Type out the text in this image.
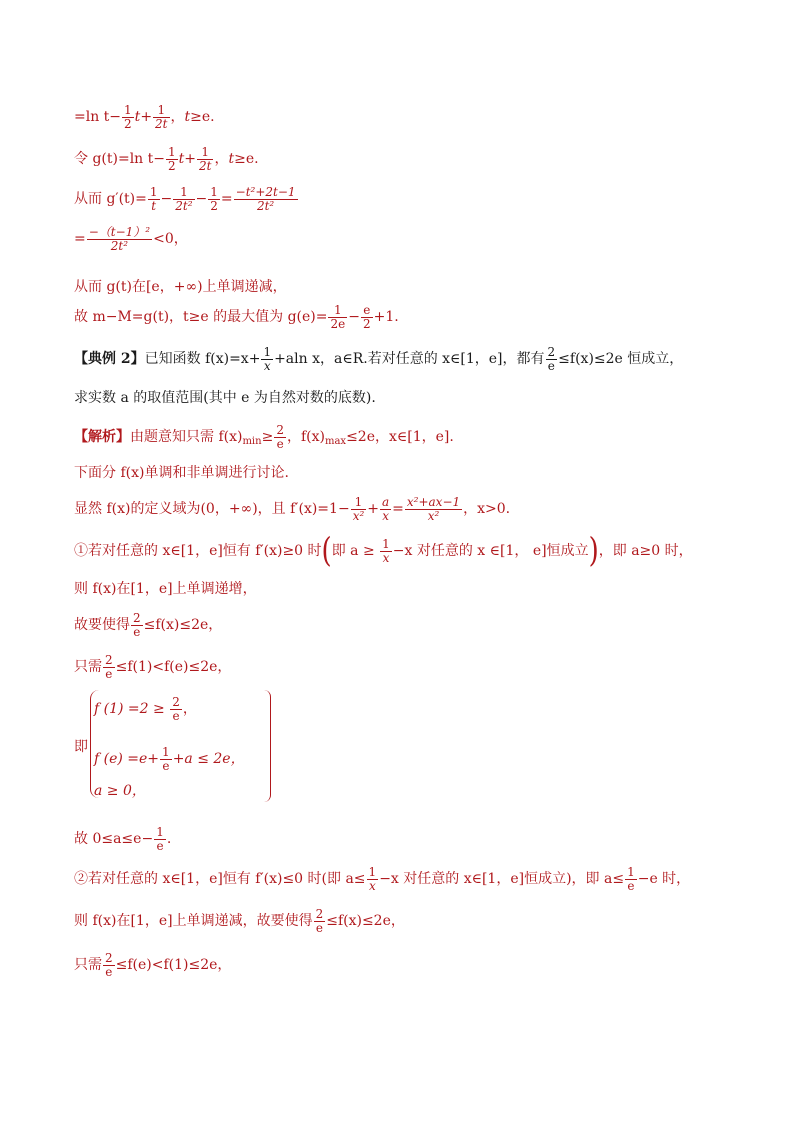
=ln $t- \frac{1}{2} t+ \frac{1}{2t}$ ，t≥e.
令 g(t)=ln $t- \frac{1}{2} t+ \frac{1}{2t}$ ，t≥e.
从而 $g'(t)= \frac{1}{t} - \frac{1}{\text{2t²}} - \frac{1}{2} = \frac{\text{−t²+2t−1}}{\text{2t²}}$
= $\frac{\text{−（t−1）²}}{\text{2t²}} <0$，
从而 g(t)在[e，+∞)上单调递减，
故 m−M=g(t)，t≥e 的最大值为 $g(e)= \frac{1}{2e} - \frac{e}{2} +1$.
【典例 2】已知函数 $f(x)=x+ \frac{1}{x} +aln$ x，a∈R.若对任意的 x∈[1，e]，都有 $\frac{2}{e} \le f(x)\le 2e$ 恒成立，
求实数 a 的取值范围(其中 e 为自然对数的底数).
【解析】由题意知只需 $f(x)_{min}\ge \frac{2}{e}$ ，$f(x)_{max}\le 2e$，x∈[1，e].
下面分 f(x)单调和非单调进行讨论.
显然 f(x)的定义域为(0，+∞)，且 $f'(x)=1- \frac{1}{\text{x²}} + \frac{a}{x} = \frac{\text{x²+ax−1}}{\text{x²}}$ ，x>0.
①若对任意的 x∈[1，e]恒有 f′(x)≥0 时(即 $a \ge \frac{1}{x} -x$ 对任意的 x ∈[1， e]恒成立)，即 a≥0 时，
则 f(x)在[1，e]上单调递增，
故要使得 $\frac{2}{e} \le f(x)\le 2e$，
只需 $\frac{2}{e} \le f(1)<f(e)\le 2e$，
即
f $(1) =2 \ge \frac{2}{e}$ ，
f $(e) =e+ \frac{1}{e} +a \le 2e$，
a ≥ 0，
故 $0\le a\le e- \frac{1}{e}$ .
②若对任意的 x∈[1，e]恒有 f′(x)≤0 时(即 $a\le \frac{1}{x} -x$ 对任意的 x∈[1，e]恒成立)，即 $a\le \frac{1}{e} -e$ 时，
则 f(x)在[1，e]上单调递减，故要使得 $\frac{2}{e} \le f(x)\le 2e$，
只需 $\frac{2}{e} \le f(e)<f(1)\le 2e$，
